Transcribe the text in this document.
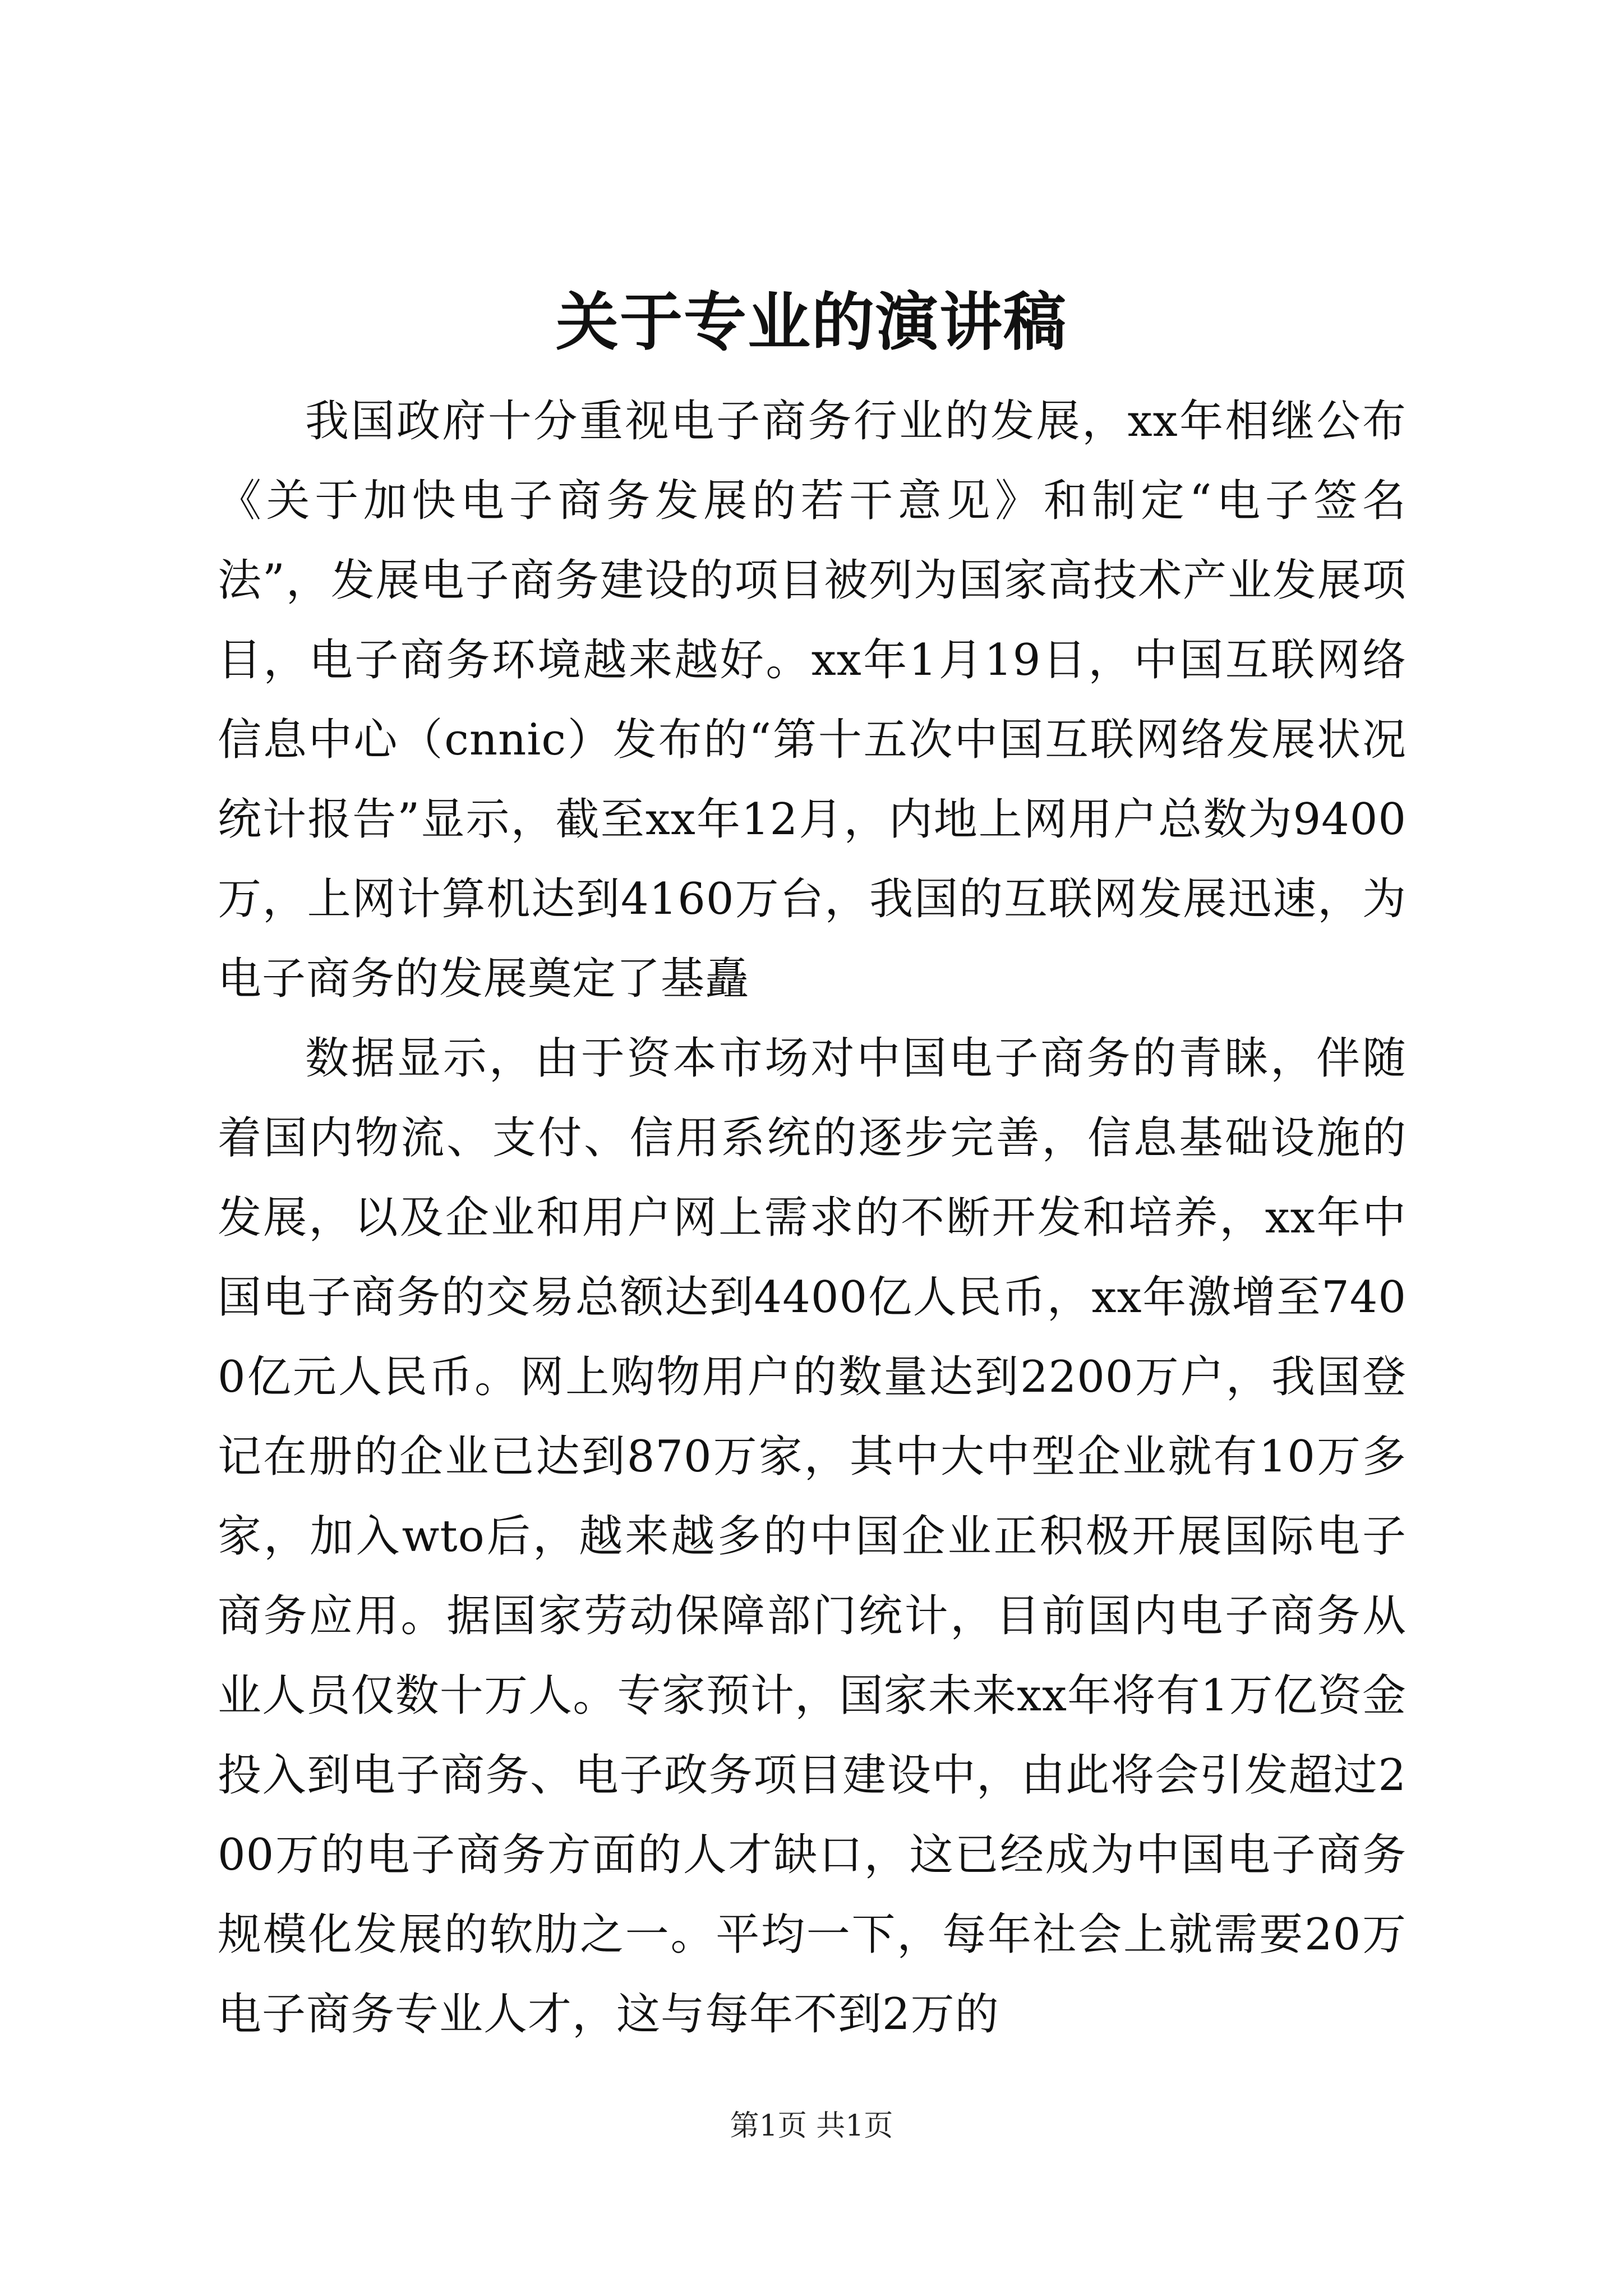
关于专业的演讲稿

我国政府十分重视电子商务行业的发展，xx年相继公布《关于加快电子商务发展的若干意见》和制定“电子签名法”，发展电子商务建设的项目被列为国家高技术产业发展项目，电子商务环境越来越好。xx年1月19日，中国互联网络信息中心（cnnic）发布的“第十五次中国互联网络发展状况统计报告”显示，截至xx年12月，内地上网用户总数为9400万，上网计算机达到4160万台，我国的互联网发展迅速，为电子商务的发展奠定了基矗

数据显示，由于资本市场对中国电子商务的青睐，伴随着国内物流、支付、信用系统的逐步完善，信息基础设施的发展，以及企业和用户网上需求的不断开发和培养，xx年中国电子商务的交易总额达到4400亿人民币，xx年激增至7400亿元人民币。网上购物用户的数量达到2200万户，我国登记在册的企业已达到870万家，其中大中型企业就有10万多家，加入wto后，越来越多的中国企业正积极开展国际电子商务应用。据国家劳动保障部门统计，目前国内电子商务从业人员仅数十万人。专家预计，国家未来xx年将有1万亿资金投入到电子商务、电子政务项目建设中，由此将会引发超过200万的电子商务方面的人才缺口，这已经成为中国电子商务规模化发展的软肋之一。平均一下，每年社会上就需要20万电子商务专业人才，这与每年不到2万的

第1页 共1页
